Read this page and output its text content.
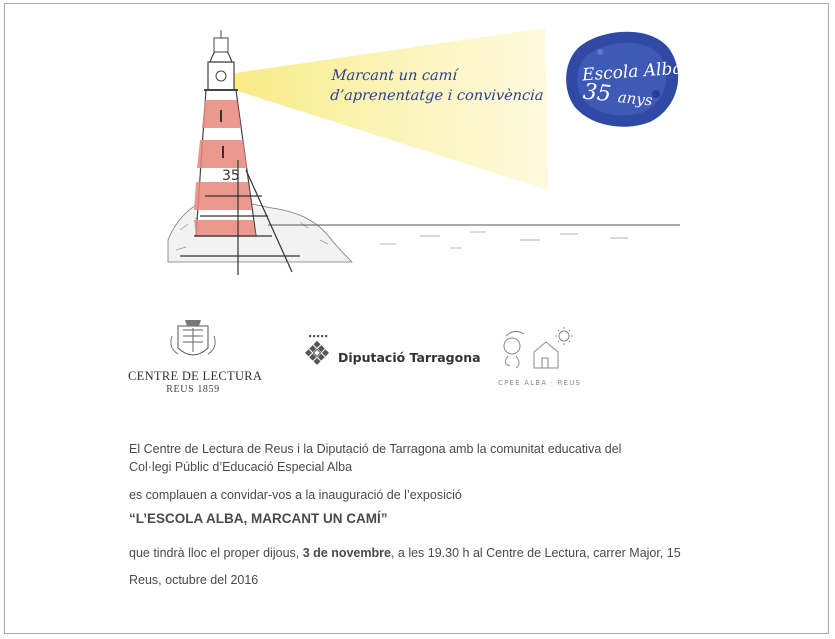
35
Marcant un camí
d’aprenentatge i convivència
Escola Alba
35 anys
CENTRE DE LECTURA
REUS 1859
Diputació Tarragona
CPEE ALBA · REUS
El Centre de Lectura de Reus i la Diputació de Tarragona amb la comunitat educativa del
Col·legi Públic d’Educació Especial Alba
es complauen a convidar-vos a la inauguració de l’exposició
“L’ESCOLA ALBA, MARCANT UN CAMÍ”
que tindrà lloc el proper dijous, 3 de novembre, a les 19.30 h al Centre de Lectura, carrer Major, 15
Reus, octubre del 2016
